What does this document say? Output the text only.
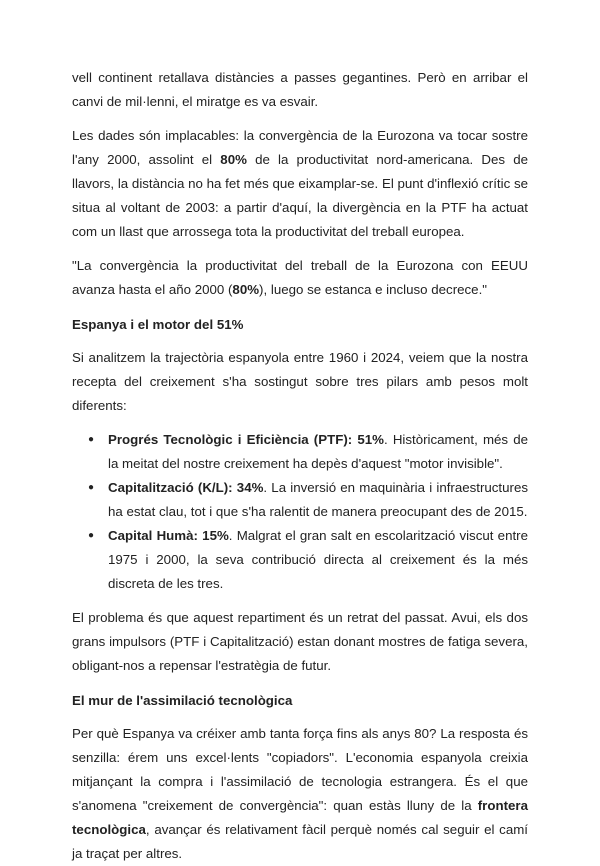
vell continent retallava distàncies a passes gegantines. Però en arribar el canvi de mil·lenni, el miratge es va esvair.

Les dades són implacables: la convergència de la Eurozona va tocar sostre l'any 2000, assolint el 80% de la productivitat nord-americana. Des de llavors, la distància no ha fet més que eixamplar-se. El punt d'inflexió crític se situa al voltant de 2003: a partir d'aquí, la divergència en la PTF ha actuat com un llast que arrossega tota la productivitat del treball europea.

"La convergència la productivitat del treball de la Eurozona con EEUU avanza hasta el año 2000 (80%), luego se estanca e incluso decrece."

Espanya i el motor del 51%

Si analitzem la trajectòria espanyola entre 1960 i 2024, veiem que la nostra recepta del creixement s'ha sostingut sobre tres pilars amb pesos molt diferents:

● Progrés Tecnològic i Eficiència (PTF): 51%. Històricament, més de la meitat del nostre creixement ha depès d'aquest "motor invisible".
● Capitalització (K/L): 34%. La inversió en maquinària i infraestructures ha estat clau, tot i que s'ha ralentit de manera preocupant des de 2015.
● Capital Humà: 15%. Malgrat el gran salt en escolarització viscut entre 1975 i 2000, la seva contribució directa al creixement és la més discreta de les tres.

El problema és que aquest repartiment és un retrat del passat. Avui, els dos grans impulsors (PTF i Capitalització) estan donant mostres de fatiga severa, obligant-nos a repensar l'estratègia de futur.

El mur de l'assimilació tecnològica

Per què Espanya va créixer amb tanta força fins als anys 80? La resposta és senzilla: érem uns excel·lents "copiadors". L'economia espanyola creixia mitjançant la compra i l'assimilació de tecnologia estrangera. És el que s'anomena "creixement de convergència": quan estàs lluny de la frontera tecnològica, avançar és relativament fàcil perquè només cal seguir el camí ja traçat per altres.
